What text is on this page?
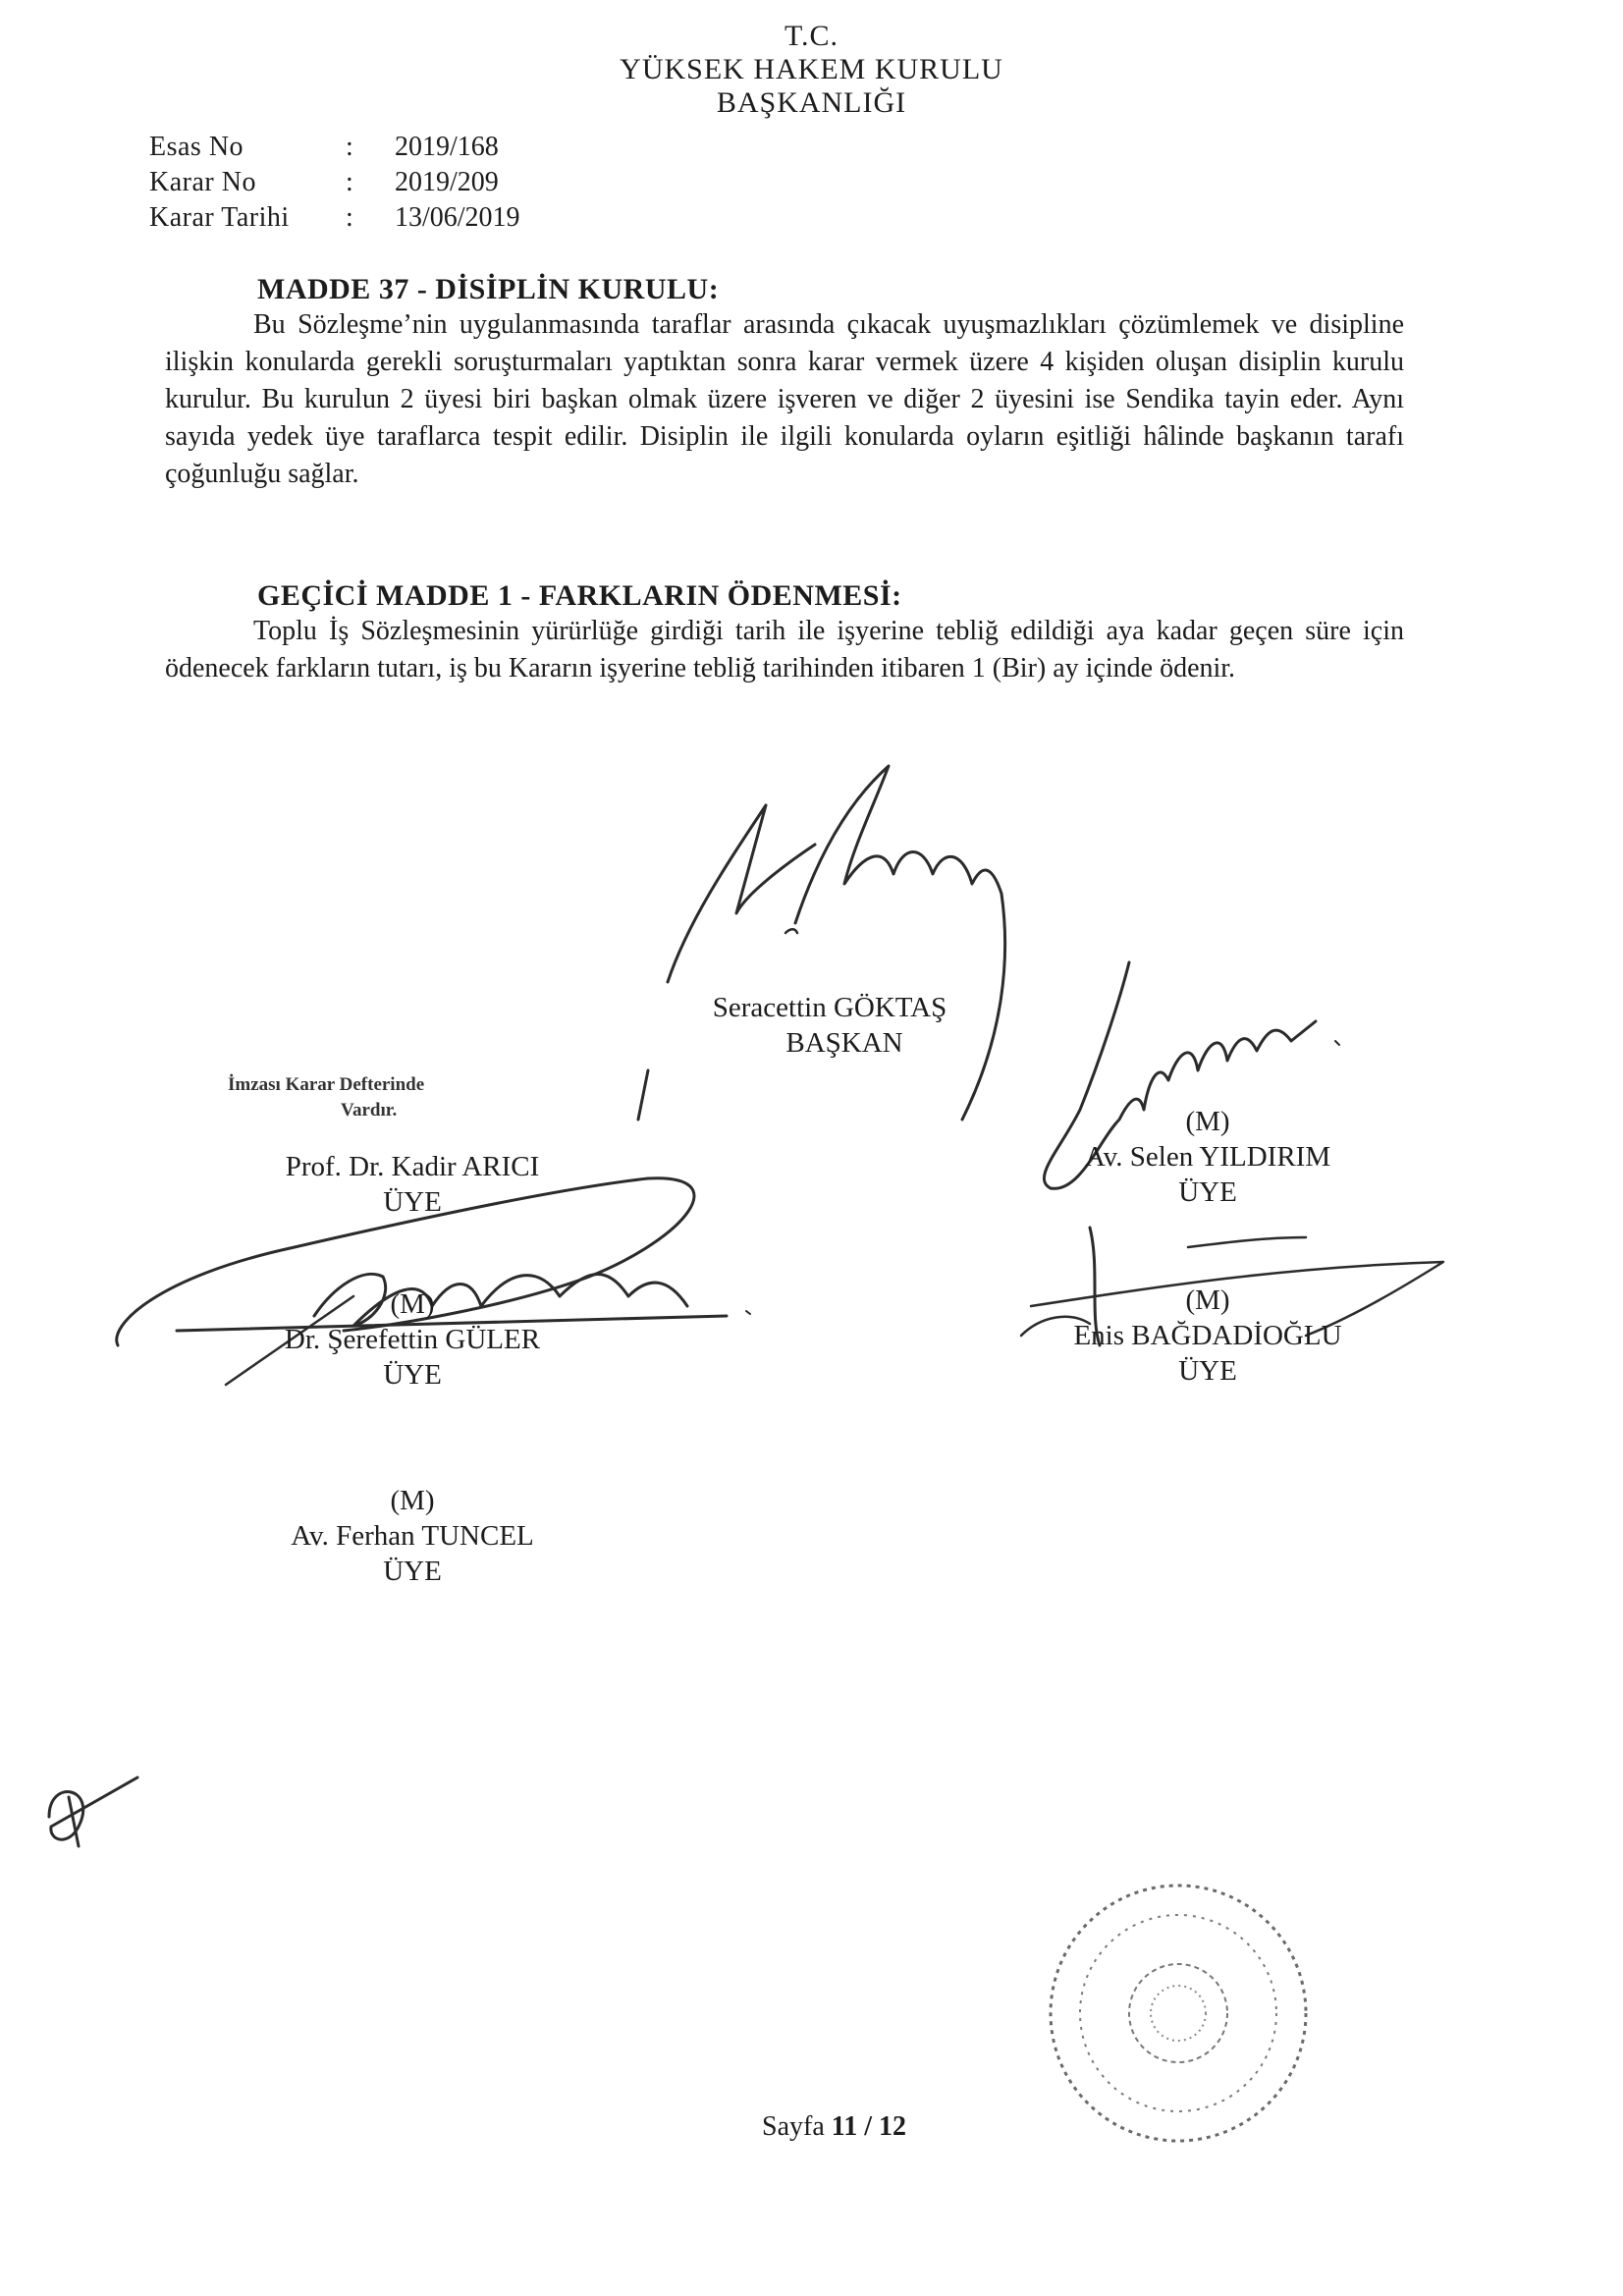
T.C.
YÜKSEK HAKEM KURULU
BAŞKANLIĞI
Esas No	: 2019/168
Karar No	: 2019/209
Karar Tarihi : 13/06/2019
MADDE 37 - DİSİPLİN KURULU:
Bu Sözleşme’nin uygulanmasında taraflar arasında çıkacak uyuşmazlıkları çözümlemek ve disipline ilişkin konularda gerekli soruşturmaları yaptıktan sonra karar vermek üzere 4 kişiden oluşan disiplin kurulu kurulur. Bu kurulun 2 üyesi biri başkan olmak üzere işveren ve diğer 2 üyesini ise Sendika tayin eder. Aynı sayıda yedek üye taraflarca tespit edilir. Disiplin ile ilgili konularda oyların eşitliği hâlinde başkanın tarafı çoğunluğu sağlar.
GEÇİCİ MADDE 1 - FARKLARIN ÖDENMESİ:
Toplu İş Sözleşmesinin yürürlüğe girdiği tarih ile işyerine tebliğ edildiği aya kadar geçen süre için ödenecek farkların tutarı, iş bu Kararın işyerine tebliğ tarihinden itibaren 1 (Bir) ay içinde ödenir.
Seracettin GÖKTAŞ
BAŞKAN
İmzası Karar Defterinde
Vardır.
Prof. Dr. Kadir ARICI
ÜYE
(M)
Av. Selen YILDIRIM
ÜYE
(M)
Dr. Şerefettin GÜLER
ÜYE
(M)
Enis BAĞDADİOĞLU
ÜYE
(M)
Av. Ferhan TUNCEL
ÜYE
Sayfa 11 / 12
